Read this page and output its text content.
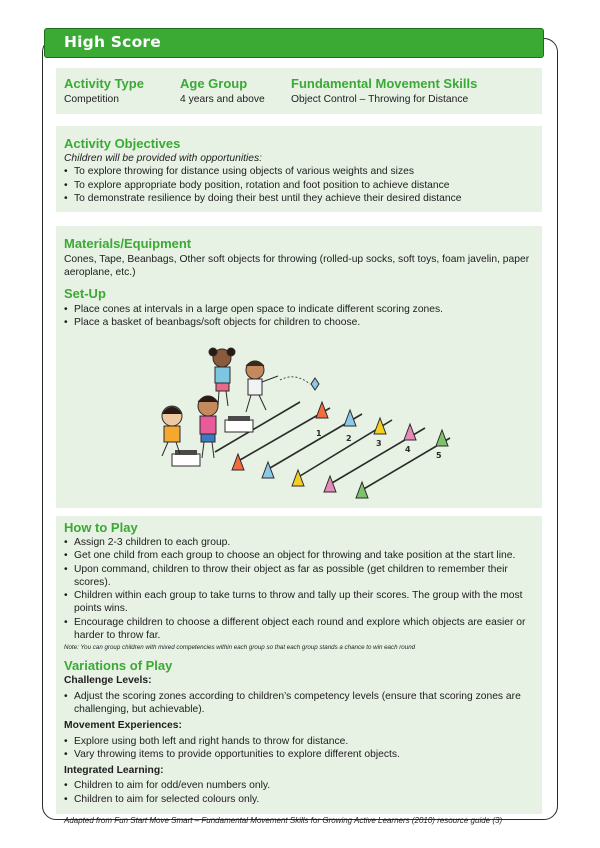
High Score
Activity Type
Competition
Age Group
4 years and above
Fundamental Movement Skills
Object Control – Throwing for Distance
Activity Objectives
Children will be provided with opportunities:
• To explore throwing for distance using objects of various weights and sizes
• To explore appropriate body position, rotation and foot position to achieve distance
• To demonstrate resilience by doing their best until they achieve their desired distance
Materials/Equipment
Cones, Tape, Beanbags, Other soft objects for throwing (rolled-up socks, soft toys, foam javelin, paper aeroplane, etc.)
Set-Up
• Place cones at intervals in a large open space to indicate different scoring zones.
• Place a basket of beanbags/soft objects for children to choose.
1
2
3
4
5
How to Play
• Assign 2-3 children to each group.
• Get one child from each group to choose an object for throwing and take position at the start line.
• Upon command, children to throw their object as far as possible (get children to remember their scores).
• Children within each group to take turns to throw and tally up their scores. The group with the most points wins.
• Encourage children to choose a different object each round and explore which objects are easier or harder to throw far.
Note: You can group children with mixed competencies within each group so that each group stands a chance to win each round
Variations of Play
Challenge Levels:
• Adjust the scoring zones according to children’s competency levels (ensure that scoring zones are challenging, but achievable).
Movement Experiences:
• Explore using both left and right hands to throw for distance.
• Vary throwing items to provide opportunities to explore different objects.
Integrated Learning:
• Children to aim for odd/even numbers only.
• Children to aim for selected colours only.
Adapted from Fun Start Move Smart – Fundamental Movement Skills for Growing Active Learners (2010) resource guide (3)
